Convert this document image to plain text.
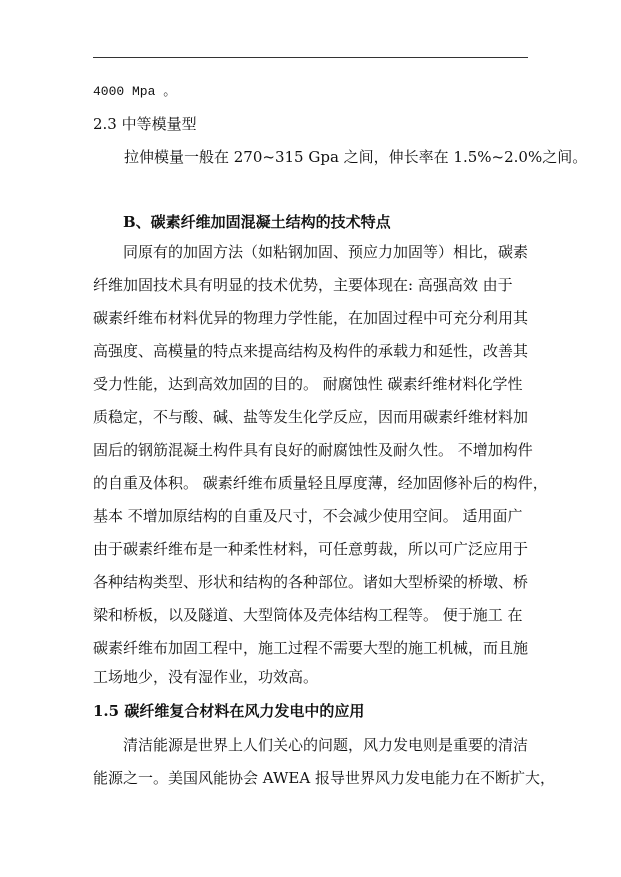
4000 Mpa 。
2.3 中等模量型
拉伸模量一般在 270~315 Gpa 之间，伸长率在 1.5%~2.0%之间。
B、碳素纤维加固混凝土结构的技术特点
同原有的加固方法（如粘钢加固、预应力加固等）相比，碳素
纤维加固技术具有明显的技术优势，主要体现在: 高强高效 由于
碳素纤维布材料优异的物理力学性能，在加固过程中可充分利用其
高强度、高模量的特点来提高结构及构件的承载力和延性，改善其
受力性能，达到高效加固的目的。 耐腐蚀性 碳素纤维材料化学性
质稳定，不与酸、碱、盐等发生化学反应，因而用碳素纤维材料加
固后的钢筋混凝土构件具有良好的耐腐蚀性及耐久性。 不增加构件
的自重及体积。 碳素纤维布质量轻且厚度薄，经加固修补后的构件，
基本 不增加原结构的自重及尺寸，不会减少使用空间。 适用面广
由于碳素纤维布是一种柔性材料，可任意剪裁，所以可广泛应用于
各种结构类型、形状和结构的各种部位。诸如大型桥梁的桥墩、桥
梁和桥板，以及隧道、大型筒体及壳体结构工程等。 便于施工 在
碳素纤维布加固工程中，施工过程不需要大型的施工机械，而且施
工场地少，没有湿作业，功效高。
1.5 碳纤维复合材料在风力发电中的应用
清洁能源是世界上人们关心的问题，风力发电则是重要的清洁
能源之一。美国风能协会 AWEA 报导世界风力发电能力在不断扩大，
